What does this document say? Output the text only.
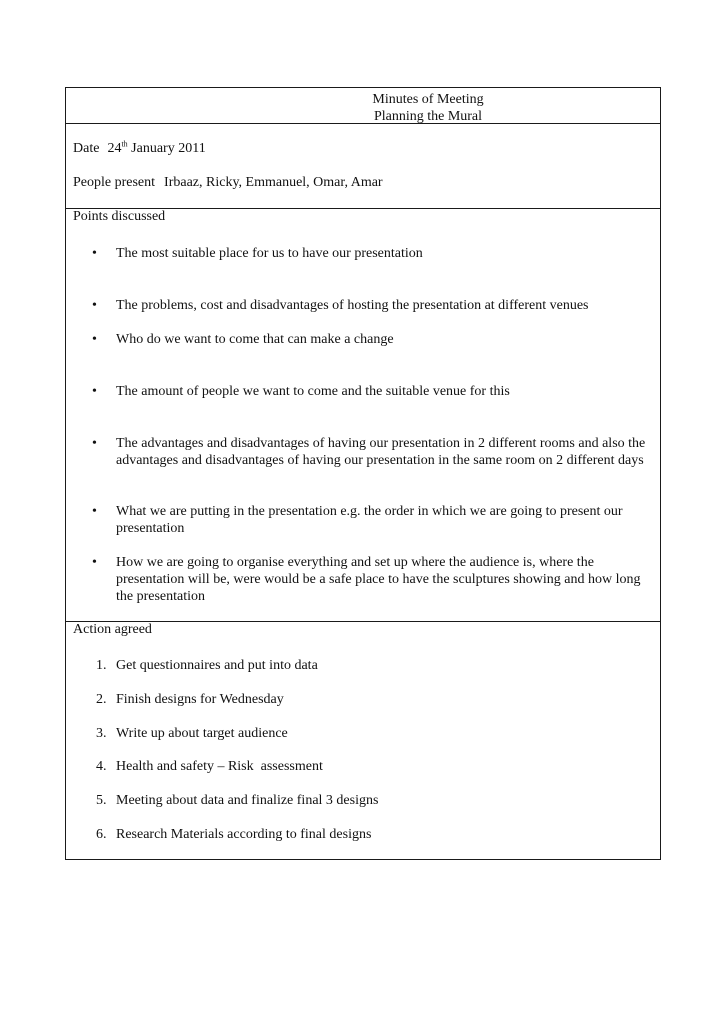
Minutes of Meeting
Planning the Mural
Date 24th January 2011
People present Irbaaz, Ricky, Emmanuel, Omar, Amar
Points discussed
• The most suitable place for us to have our presentation
• The problems, cost and disadvantages of hosting the presentation at different venues
• Who do we want to come that can make a change
• The amount of people we want to come and the suitable venue for this
• The advantages and disadvantages of having our presentation in 2 different rooms and also the advantages and disadvantages of having our presentation in the same room on 2 different days
• What we are putting in the presentation e.g. the order in which we are going to present our presentation
• How we are going to organise everything and set up where the audience is, where the presentation will be, were would be a safe place to have the sculptures showing and how long the presentation
Action agreed
1. Get questionnaires and put into data
2. Finish designs for Wednesday
3. Write up about target audience
4. Health and safety – Risk  assessment
5. Meeting about data and finalize final 3 designs
6. Research Materials according to final designs
